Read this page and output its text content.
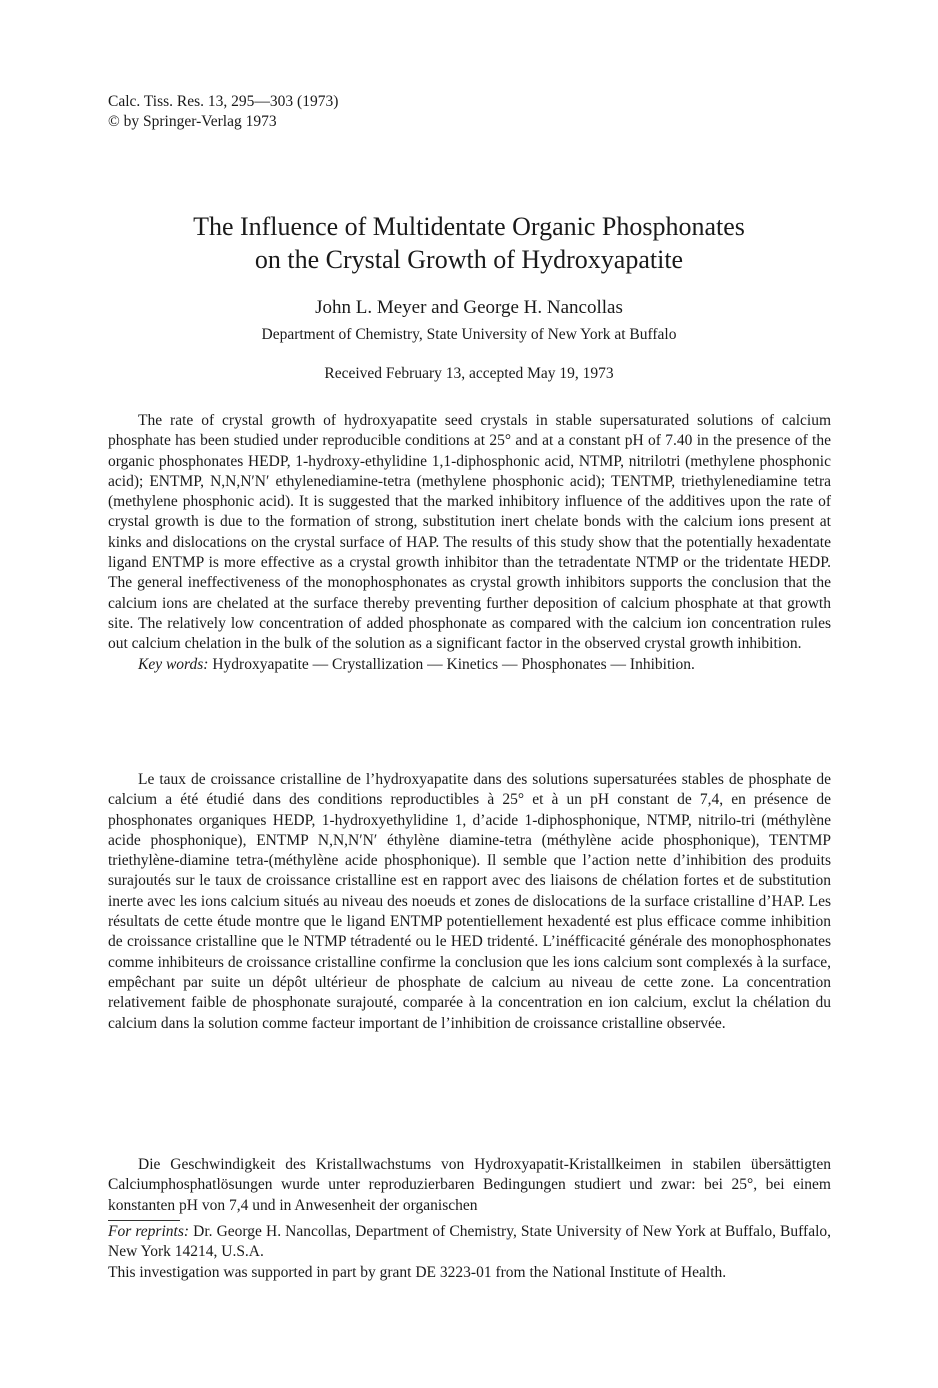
Calc. Tiss. Res. 13, 295—303 (1973)
© by Springer-Verlag 1973
The Influence of Multidentate Organic Phosphonates
on the Crystal Growth of Hydroxyapatite
John L. Meyer and George H. Nancollas
Department of Chemistry, State University of New York at Buffalo
Received February 13, accepted May 19, 1973

The rate of crystal growth of hydroxyapatite seed crystals in stable supersaturated solutions of calcium phosphate has been studied under reproducible conditions at 25° and at a constant pH of 7.40 in the presence of the organic phosphonates HEDP, 1-hydroxy-ethylidine 1,1-diphosphonic acid, NTMP, nitrilotri (methylene phosphonic acid); ENTMP, N,N,N′N′ ethylenediamine-tetra (methylene phosphonic acid); TENTMP, triethylenediamine tetra (methylene phosphonic acid). It is suggested that the marked inhibitory influence of the additives upon the rate of crystal growth is due to the formation of strong, substitution inert chelate bonds with the calcium ions present at kinks and dislocations on the crystal surface of HAP. The results of this study show that the potentially hexadentate ligand ENTMP is more effective as a crystal growth inhibitor than the tetradentate NTMP or the tridentate HEDP. The general ineffectiveness of the monophosphonates as crystal growth inhibitors supports the conclusion that the calcium ions are chelated at the surface thereby preventing further deposition of calcium phosphate at that growth site. The relatively low concentration of added phosphonate as compared with the calcium ion concentration rules out calcium chelation in the bulk of the solution as a significant factor in the observed crystal growth inhibition.

Key words: Hydroxyapatite — Crystallization — Kinetics — Phosphonates — Inhibition.

Le taux de croissance cristalline de l’hydroxyapatite dans des solutions supersaturées stables de phosphate de calcium a été étudié dans des conditions reproductibles à 25° et à un pH constant de 7,4, en présence de phosphonates organiques HEDP, 1-hydroxyethylidine 1, d’acide 1-diphosphonique, NTMP, nitrilo-tri (méthylène acide phosphonique), ENTMP N,N,N′N′ éthylène diamine-tetra (méthylène acide phosphonique), TENTMP triethylène-diamine tetra-(méthylène acide phosphonique). Il semble que l’action nette d’inhibition des produits surajoutés sur le taux de croissance cristalline est en rapport avec des liaisons de chélation fortes et de substitution inerte avec les ions calcium situés au niveau des noeuds et zones de dislocations de la surface cristalline d’HAP. Les résultats de cette étude montre que le ligand ENTMP potentiellement hexadenté est plus efficace comme inhibition de croissance cristalline que le NTMP tétradenté ou le HED tridenté. L’inéfficacité générale des monophosphonates comme inhibiteurs de croissance cristalline confirme la conclusion que les ions calcium sont complexés à la surface, empêchant par suite un dépôt ultérieur de phosphate de calcium au niveau de cette zone. La concentration relativement faible de phosphonate surajouté, comparée à la concentration en ion calcium, exclut la chélation du calcium dans la solution comme facteur important de l’inhibition de croissance cristalline observée.

Die Geschwindigkeit des Kristallwachstums von Hydroxyapatit-Kristallkeimen in stabilen übersättigten Calciumphosphatlösungen wurde unter reproduzierbaren Bedingungen studiert und zwar: bei 25°, bei einem konstanten pH von 7,4 und in Anwesenheit der organischen

For reprints: Dr. George H. Nancollas, Department of Chemistry, State University of New York at Buffalo, Buffalo, New York 14214, U.S.A.

This investigation was supported in part by grant DE 3223-01 from the National Institute of Health.
